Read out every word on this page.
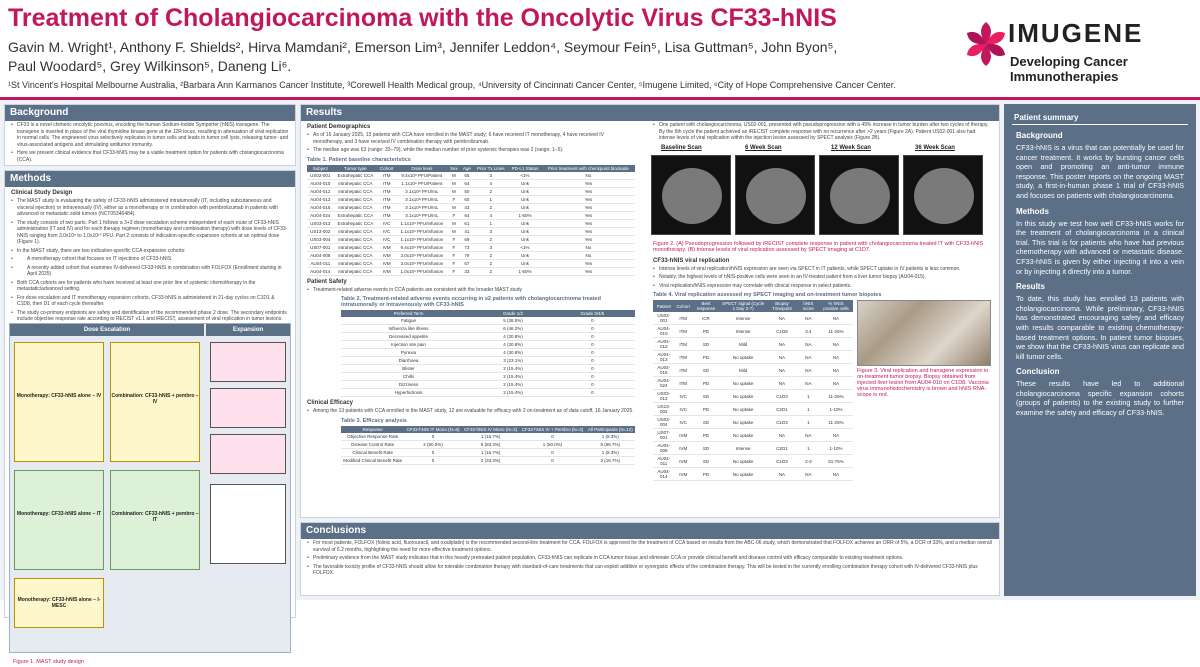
Treatment of Cholangiocarcinoma with the Oncolytic Virus CF33-hNIS
Gavin M. Wright¹, Anthony F. Shields², Hirva Mamdani², Emerson Lim³, Jennifer Leddon⁴, Seymour Fein⁵, Lisa Guttman⁵, John Byon⁵,
Paul Woodard⁵, Grey Wilkinson⁵, Daneng Li⁶.
¹St Vincent's Hospital Melbourne Australia, ²Barbara Ann Karmanos Cancer Institute, ³Corewell Health Medical group, ⁴University of Cincinnati Cancer Center, ⁵Imugene Limited, ⁶City of Hope Comprehensive Cancer Center.
IMUGENE
Developing Cancer Immunotherapies
Background
• CF33 is a novel chimeric oncolytic poxvirus, encoding the human Sodium-Iodide Symporter (hNIS) transgene. The transgene is inserted in place of the viral thymidine kinase gene at the J2R locus, resulting in attenuation of viral replication in normal cells. The engineered virus selectively replicates in tumor cells and leads to tumor cell lysis, releasing tumor- and virus-associated antigens and stimulating antitumor immunity.
• Here we present clinical evidence that CF33-hNIS may be a viable treatment option for patients with cholangiocarcinoma (CCA).
Methods
Clinical Study Design
• The MAST study is evaluating the safety of CF33-hNIS administered intratumorally (IT, including subcutaneous and visceral injection) or intravenously (IV), either as a monotherapy or in combination with pembrolizumab in patients with advanced or metastatic solid tumors (NCT05346484).
• The study consists of two parts. Part 1 follows a 3+3 dose escalation scheme independent of each route of CF33-hNIS administration (IT and IV) and for each therapy regimen (monotherapy and combination therapy) with dose levels of CF33-hNIS ranging from 3.0x10⁵ to 1.0x10¹⁰ PFU. Part 2 consists of indication-specific expansion cohorts at an optimal dose (Figure 1).
• In the MAST study, there are two indication-specific CCA expansion cohorts:
• A monotherapy cohort that focuses on IT injections of CF33-hNIS
• A recently added cohort that examines IV-delivered CF33-hNIS in combination with FOLFOX (Enrollment starting in April 2025)
• Both CCA cohorts are for patients who have received at least one prior line of systemic chemotherapy in the metastatic/advanced setting.
• For dose escalation and IT monotherapy expansion cohorts, CF33-hNIS is administered in 21-day cycles on C1D1 & C1D8, then D1 of each cycle thereafter.
• The study co-primary endpoints are safety and identification of the recommended phase 2 dose. The secondary endpoints include objective response rate according to RECIST v1.1 and iRECIST, assessment of viral replication in tumor lesions.
Dose Escalation	Expansion
Monotherapy: CF33-hNIS alone – IV	Combination: CF33-hNIS + pembro – IV
Monotherapy: CF33-hNIS alone – IT	Combination: CF33-hNIS + pembro – IT
Monotherapy: CF33-hNIS alone – I-MESC
Figure 1. MAST study design
Results
Patient Demographics
• As of 16 January 2025, 13 patients with CCA have enrolled in the MAST study; 6 have received IT monotherapy, 4 have received IV monotherapy, and 3 have received IV combination therapy with pembrolizumab.
• The median age was 63 (range: 33–79), while the median number of prior systemic therapies was 2 (range: 1–5).
Table 1. Patient baseline characteristics
Subject	Tumor type	Cohort	Dose level	Sex	Age	Prior Tx Lines	PD-L1 Status	Prior treatment with checkpoint blockade
US02-001	Extrahepatic CCA	ITM	9.4x10⁸ PFU/Patient	M	65	3	<1%	No
AU04-010	Intrahepatic CCA	ITM	1.1x10⁹ PFU/Patient	M	64	4	Unk	Yes
AU04-012	Intrahepatic CCA	ITM	3.1x10⁸ PFU/mL	M	50	2	Unk	Yes
AU04-013	Intrahepatic CCA	ITM	3.1x10⁸ PFU/mL	F	60	1	Unk	Yes
AU04-015	Intrahepatic CCA	ITM	3.1x10⁸ PFU/mL	M	43	2	Unk	Yes
AU04-024	Extrahepatic CCA	ITM	3.1x10⁸ PFU/mL	F	64	4	1-50%	Yes
US03-013	Extrahepatic CCA	IVC	1.1x10⁹ PFU/Infusion	M	61	1	Unk	Yes
US13-002	Intrahepatic CCA	IVC	1.1x10⁹ PFU/Infusion	M	41	3	Unk	Yes
US03-004	Intrahepatic CCA	IVC	1.1x10⁹ PFU/Infusion	F	69	2	Unk	Yes
US07-001	Intrahepatic CCA	IVM	9.4x10⁹ PFU/Infusion	F	73	3	<1%	No
AU04-008	Intrahepatic CCA	IVM	3.0x10⁹ PFU/Infusion	F	79	2	Unk	No
AU04-011	Intrahepatic CCA	IVM	3.0x10⁹ PFU/Infusion	F	67	2	Unk	Yes
AU04-014	Intrahepatic CCA	IVM	1.0x10⁹ PFU/Infusion	F	33	2	1-50%	Yes
Patient Safety
• Treatment-related adverse events in CCA patients are consistent with the broader MAST study
Table 2. Treatment-related adverse events occurring in ≥2 patients with cholangiocarcinoma treated intratumorally or intravenously with CF33-hNIS
Preferred Term	Grade 1/2	Grade 3/4/5
Fatigue	5 (38.5%)	0
Influenza like illness	6 (46.2%)	0
Decreased appetite	4 (30.8%)	0
Injection site pain	4 (30.8%)	0
Pyrexia	4 (30.8%)	0
Diarrhoea	3 (23.1%)	0
Blister	2 (15.4%)	0
Chills	2 (15.4%)	0
Dizziness	2 (15.4%)	0
Hyperhidrosis	2 (15.4%)	0
Clinical Efficacy
• Among the 13 patients with CCA enrolled in the MAST study, 12 are evaluable for efficacy with 2 on-treatment as of data cutoff, 16 January 2025.
Table 3. Efficacy analysis
Response	CF33-hNIS IT Mono (N=6)	CF33-hNIS IV Mono (N=3)	CF33-hNIS IV + Pembro (N=3)	All Participants (N=12)
Objective Response Rate	0	1 (16.7%)	0	1 (8.3%)
Disease Control Rate	2 (50.0%)	5 (83.3%)	1 (50.0%)	8 (66.7%)
Clinical Benefit Rate	0	1 (16.7%)	0	1 (8.3%)
Modified Clinical Benefit Rate	0	2 (33.3%)	0	2 (16.7%)
• One patient with cholangiocarcinoma, US02-001, presented with pseudoprogression with a 49% increase in tumor burden after two cycles of therapy. By the 6th cycle the patient achieved an iRECIST complete response with no recurrence after >2 years (Figure 2A). Patient US02-001 also had intense levels of viral replication within the injection lesion assessed by SPECT analysis (Figure 2B).
Baseline Scan	6 Week Scan	12 Week Scan	36 Week Scan
Figure 2. (A) Pseudoprogression followed by iRECIST complete response in patient with cholangiocarcinoma treated IT with CF33-hNIS monotherapy. (B) Intense levels of viral replication assessed by SPECT imaging at C1D7.
CF33-hNIS viral replication
• Intense levels of viral replication/hNIS expression are seen via SPECT in IT patients, while SPECT uptake in IV patients is less common.
• Notably, the highest levels of hNIS-positive cells were seen in an IV-treated patient from a liver tumor biopsy (AU04-015).
• Viral replication/hNIS expression may correlate with clinical response in select patients.
Table 4. Viral replication assessed my SPECT imaging and on-treatment tumor biopsies
Patient	Cohort	Best response	SPECT signal (Cycle 1 Day 2-7)	Biopsy Timepoint	hNIS score	% hNIS positive cells
US02-001	ITM	iCR	Intense	NA	NA	NA
AU04-010	ITM	PD	Intense	C1D8	3.4	11-25%
AU04-012	ITM	SD	Mild	NA	NA	NA
AU04-013	ITM	PD	No uptake	NA	NA	NA
AU04-015	ITM	SD	Mild	NA	NA	NA
AU04-024	ITM	PD	No uptake	NA	NA	NA
US03-013	IVC	SD	No uptake	C1D3	1	11-25%
US13-002	IVC	PD	No uptake	C2D1	1	1-10%
US03-004	IVC	SD	No uptake	C1D3	1	11-25%
US07-001	IVM	PD	No uptake	NA	NA	NA
AU04-008	IVM	SD	Intense	C2D1	1	1-10%
AU04-011	IVM	SD	No uptake	C1D3	2-3	51-75%
AU04-014	IVM	PD	No uptake	NA	NA	NA
Figure 3. Viral replication and transgene expression in on-treatment tumor biopsy. Biopsy obtained from injected liver lesion from AU04-010 on C1D8. Vaccinia virus immunohistochemistry is brown and hNIS RNA-scope is red.
Conclusions
• For most patients, FOLFOX (folinic acid, fluorouracil, and oxaliplatin) is the recommended second-line treatment for CCA. FOLFOX is approved for the treatment of CCA based on results from the ABC-06 study, which demonstrated that FOLFOX achieves an ORR of 5%, a DCR of 33%, and a median overall survival of 6.2 months, highlighting the need for more effective treatment options.
• Preliminary evidence from the MAST study indicates that in this heavily pretreated patient population, CF33-hNIS can replicate in CCA tumor tissue and eliminate CCA or provide clinical benefit and disease control with efficacy comparable to existing treatment options.
• The favorable toxicity profile of CF33-hNIS should allow for tolerable combination therapy with standard-of-care treatments that can exploit additive or synergistic effects of the combination therapy. This will be tested in the currently enrolling combination therapy cohort with IV-delivered CF33-hNIS plus FOLFOX.
Patient summary
Background
CF33-hNIS is a virus that can potentially be used for cancer treatment. It works by bursting cancer cells open and promoting an anti-tumor immune response. This poster reports on the ongoing MAST study, a first-in-human phase 1 trial of CF33-hNIS and focuses on patients with cholangiocarcinoma.
Methods
In this study we test how well CF33-hNIS works for the treatment of cholangiocarcinoma in a clinical trial. This trial is for patients who have had previous chemotherapy with advanced or metastatic disease. CF33-hNIS is given by either injecting it into a vein or by injecting it directly into a tumor.
Results
To date, this study has enrolled 13 patients with cholangiocarcinoma. While preliminary, CF33-hNIS has demonstrated encouraging safety and efficacy with results comparable to existing chemotherapy-based treatment options. In patient tumor biopsies, we show that the CF33-hNIS virus can replicate and kill tumor cells.
Conclusion
These results have led to additional cholangiocarcinoma specific expansion cohorts (groups of patients) to the existing study to further examine the safety and efficacy of CF33-hNIS.
